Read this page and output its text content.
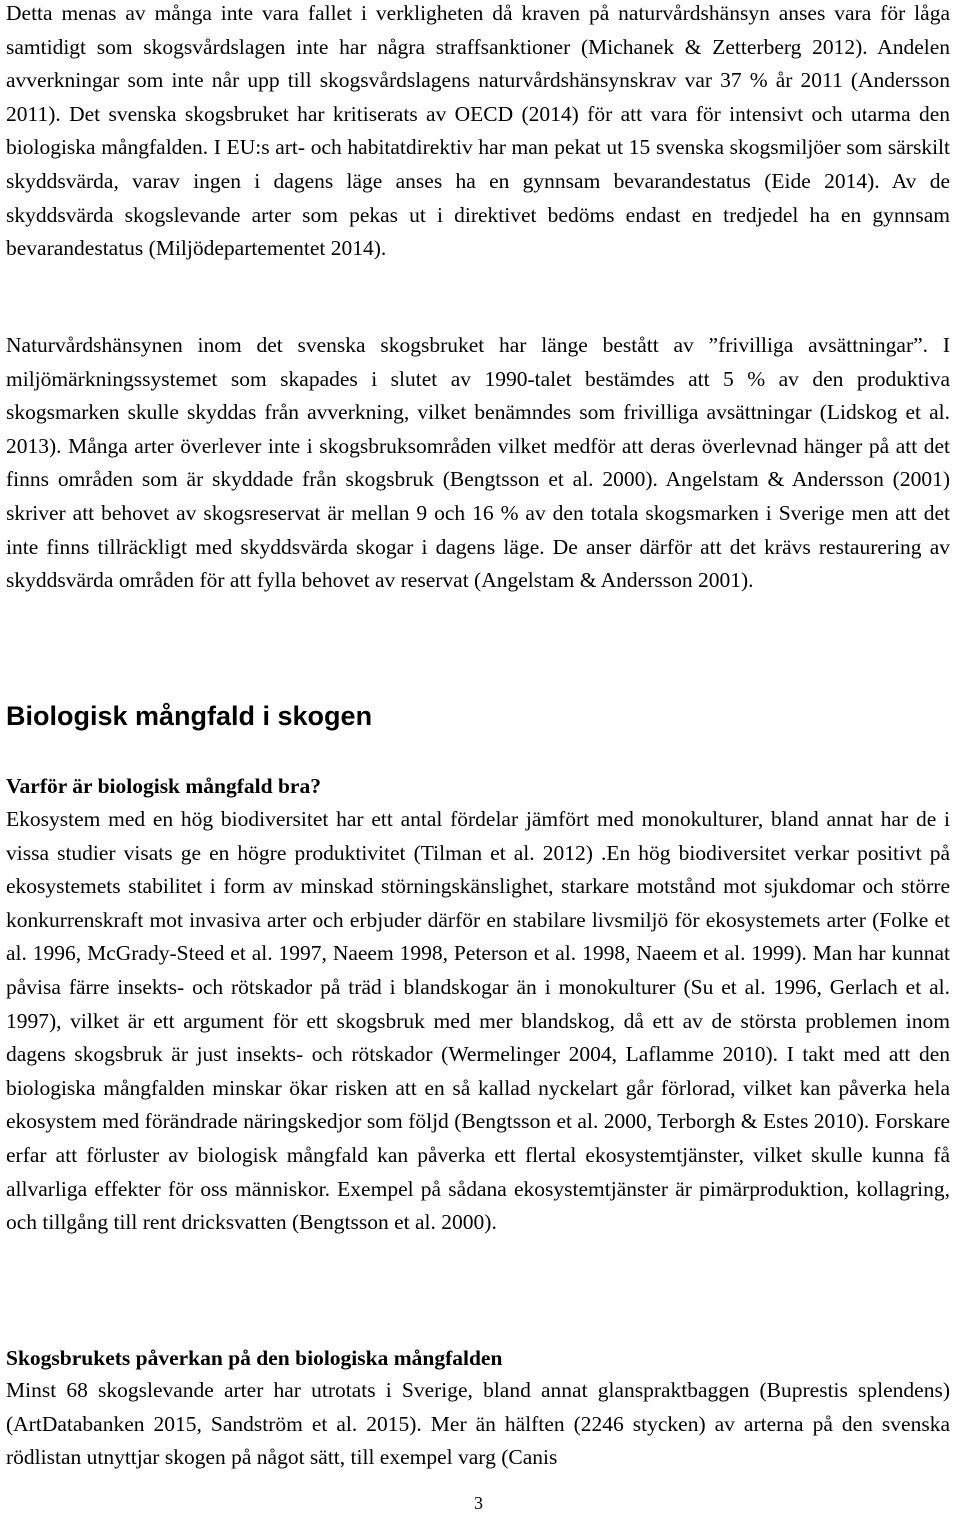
Detta menas av många inte vara fallet i verkligheten då kraven på naturvårdshänsyn anses vara för låga samtidigt som skogsvårdslagen inte har några straffsanktioner (Michanek & Zetterberg 2012). Andelen avverkningar som inte når upp till skogsvårdslagens naturvårdshänsynskrav var 37 % år 2011 (Andersson 2011). Det svenska skogsbruket har kritiserats av OECD (2014) för att vara för intensivt och utarma den biologiska mångfalden. I EU:s art- och habitatdirektiv har man pekat ut 15 svenska skogsmiljöer som särskilt skyddsvärda, varav ingen i dagens läge anses ha en gynnsam bevarandestatus (Eide 2014). Av de skyddsvärda skogslevande arter som pekas ut i direktivet bedöms endast en tredjedel ha en gynnsam bevarandestatus (Miljödepartementet 2014).

Naturvårdshänsynen inom det svenska skogsbruket har länge bestått av ”frivilliga avsättningar”. I miljömärkningssystemet som skapades i slutet av 1990-talet bestämdes att 5 % av den produktiva skogsmarken skulle skyddas från avverkning, vilket benämndes som frivilliga avsättningar (Lidskog et al. 2013). Många arter överlever inte i skogsbruksområden vilket medför att deras överlevnad hänger på att det finns områden som är skyddade från skogsbruk (Bengtsson et al. 2000). Angelstam & Andersson (2001) skriver att behovet av skogsreservat är mellan 9 och 16 % av den totala skogsmarken i Sverige men att det inte finns tillräckligt med skyddsvärda skogar i dagens läge. De anser därför att det krävs restaurering av skyddsvärda områden för att fylla behovet av reservat (Angelstam & Andersson 2001).

Biologisk mångfald i skogen
Varför är biologisk mångfald bra?

Ekosystem med en hög biodiversitet har ett antal fördelar jämfört med monokulturer, bland annat har de i vissa studier visats ge en högre produktivitet (Tilman et al. 2012) .En hög biodiversitet verkar positivt på ekosystemets stabilitet i form av minskad störningskänslighet, starkare motstånd mot sjukdomar och större konkurrenskraft mot invasiva arter och erbjuder därför en stabilare livsmiljö för ekosystemets arter (Folke et al. 1996, McGrady-Steed et al. 1997, Naeem 1998, Peterson et al. 1998, Naeem et al. 1999). Man har kunnat påvisa färre insekts- och rötskador på träd i blandskogar än i monokulturer (Su et al. 1996, Gerlach et al. 1997), vilket är ett argument för ett skogsbruk med mer blandskog, då ett av de största problemen inom dagens skogsbruk är just insekts- och rötskador (Wermelinger 2004, Laflamme 2010). I takt med att den biologiska mångfalden minskar ökar risken att en så kallad nyckelart går förlorad, vilket kan påverka hela ekosystem med förändrade näringskedjor som följd (Bengtsson et al. 2000, Terborgh & Estes 2010). Forskare erfar att förluster av biologisk mångfald kan påverka ett flertal ekosystemtjänster, vilket skulle kunna få allvarliga effekter för oss människor. Exempel på sådana ekosystemtjänster är pimärproduktion, kollagring, och tillgång till rent dricksvatten (Bengtsson et al. 2000).

Skogsbrukets påverkan på den biologiska mångfalden

Minst 68 skogslevande arter har utrotats i Sverige, bland annat glanspraktbaggen (Buprestis splendens) (ArtDatabanken 2015, Sandström et al. 2015). Mer än hälften (2246 stycken) av arterna på den svenska rödlistan utnyttjar skogen på något sätt, till exempel varg (Canis

3
